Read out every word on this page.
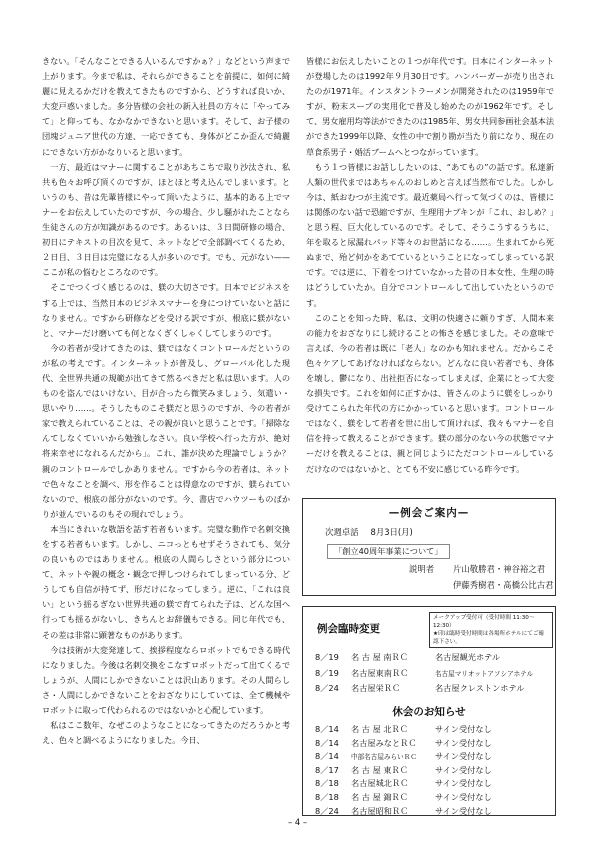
きない。「そんなことできる人いるんですかぁ？」などという声まで上がります。今まで私は、それらができることを前提に、如何に綺麗に見えるかだけを教えてきたものですから、どうすれば良いか、大変戸惑いました。多分皆様の会社の新入社員の方々に「やってみて」と仰っても、なかなかできないと思います。そして、お子様の団塊ジュニア世代の方達、一応できても、身体がどこか歪んで綺麗にできない方がかなりいると思います。

一方、最近はマナーに関することがあちこちで取り沙汰され、私共も色々お呼び頂くのですが、ほとほと考え込んでしまいます。というのも、昔は先輩皆様にやって頂いたように、基本的ある上でマナーをお伝えしていたのですが、今の場合、少し騒がれたことなら生徒さんの方が知識があるのです。あるいは、３日間研修の場合、初日にテキストの目次を見て、ネットなどで全部調べてくるため、２日目、３日目は完璧になる人が多いのです。でも、元がない——ここが私の悩むところなのです。

そこでつくづく感じるのは、躾の大切さです。日本でビジネスをする上では、当然日本のビジネスマナーを身につけていないと話になりません。ですから研修などを受ける訳ですが、根底に躾がないと、マナーだけ磨いても何となくぎくしゃくしてしまうのです。

今の若者が受けてきたのは、躾ではなくコントロールだというのが私の考えです。インターネットが普及し、グローバル化した現代、全世界共通の規範が出てきて然るべきだと私は思います。人のものを盗んではいけない、目が合ったら微笑みましょう、気遣い・思いやり……。そうしたものこそ躾だと思うのですが、今の若者が家で教えられていることは、その親が良いと思うことです。「掃除なんてしなくていいから勉強しなさい。良い学校へ行った方が、絶対将来幸せになれるんだから」。これ、誰が決めた理論でしょうか？　親のコントロールでしかありません。ですから今の若者は、ネットで色々なことを調べ、形を作ることは得意なのですが、躾られていないので、根底の部分がないのです。今、書店でハウツーものばかりが並んでいるのもその現れでしょう。

本当にきれいな敬語を話す若者もいます。完璧な動作で名刺交換をする若者もいます。しかし、ニコっともせずそうされても、気分の良いものではありません。根底の人間らしさという部分について、ネットや親の概念・観念で押しつけられてしまっている分、どうしても自信が持てず、形だけになってしまう。逆に、「これは良い」という揺るぎない世界共通の躾で育てられた子は、どんな国へ行っても揺るがないし、きちんとお辞儀もできる。同じ年代でも、その差は非常に顕著なものがあります。

今は技術が大変発達して、挨拶程度ならロボットでもできる時代になりました。今後は名刺交換をこなすロボットだって出てくるでしょうが、人間にしかできないことは沢山あります。その人間らしさ・人間にしかできないことをおざなりにしていては、全て機械やロボットに取って代わられるのではないかと心配しています。

私はここ数年、なぜこのようなことになってきたのだろうかと考え、色々と調べるようになりました。今日、

皆様にお伝えしたいことの１つが年代です。日本にインターネットが登場したのは1992年９月30日です。ハンバーガーが売り出されたのが1971年。インスタントラーメンが開発されたのは1959年ですが、粉末スープの実用化で普及し始めたのが1962年です。そして、男女雇用均等法ができたのは1985年、男女共同参画社会基本法ができた1999年以降、女性の中で割り勘が当たり前になり、現在の草食系男子・婚活ブームへとつながっています。

もう１つ皆様にお話ししたいのは、“あてもの”の話です。私達新人類の世代まではあちゃんのおしめと言えば当然布でした。しかし今は、紙おむつが主流です。最近薬局へ行って気づくのは、皆様には関係のない話で恐縮ですが、生理用ナプキンが「これ、おしめ？」と思う程、巨大化しているのです。そして、そうこうするうちに、年を取ると尿漏れパッド等々のお世話になる……。生まれてから死ぬまで、殆ど何かをあてているということになってしまっている訳です。では逆に、下着をつけていなかった昔の日本女性、生理の時はどうしていたか。自分でコントロールして出していたというのです。

このことを知った時、私は、文明の快適さに頼りすぎ、人間本来の能力をおざなりにし続けることの怖さを感じました。その意味で言えば、今の若者は既に「老人」なのかも知れません。だからこそ色々ケアしてあげなければならない。どんなに良い若者でも、身体を壊し、鬱になり、出社拒否になってしまえば、企業にとって大変な損失です。これを如何に正すかは、皆さんのように躾をしっかり受けてこられた年代の方にかかっていると思います。コントロールではなく、躾をして若者を世に出して頂ければ、我々もマナーを自信を持って教えることができます。躾の部分のない今の状態でマナーだけを教えることは、親と同じようにただコントロールしているだけなのではないかと、とても不安に感じている昨今です。

—例会ご案内—
次週卓話 8月3日(月)
「創立40周年事業について」
説明者 片山敬勝君・神谷裕之君
伊藤秀樹君・髙橋公比古君
例会臨時変更
メークアップ受付可（受付時間 11:30～12:30）
★印は臨時受付時間は各場所ホテルにてご確認下さい。
8／19 名 古 屋 南ＲＣ	名古屋観光ホテル
8／19 名古屋東南ＲＣ	名古屋マリオットアソシアホテル
8／24 名古屋栄ＲＣ	名古屋クレストンホテル
休会のお知らせ
8／14 名 古 屋 北ＲＣ	サイン受付なし
8／14 名古屋みなとＲＣ サイン受付なし
8／14 中部名古屋みらいＲＣ サイン受付なし
8／17 名 古 屋 東ＲＣ	サイン受付なし
8／18 名古屋城北ＲＣ	サイン受付なし
8／18 名 古 屋 錦ＲＣ	サイン受付なし
8／24 名古屋昭和ＲＣ	サイン受付なし
– 4 –
